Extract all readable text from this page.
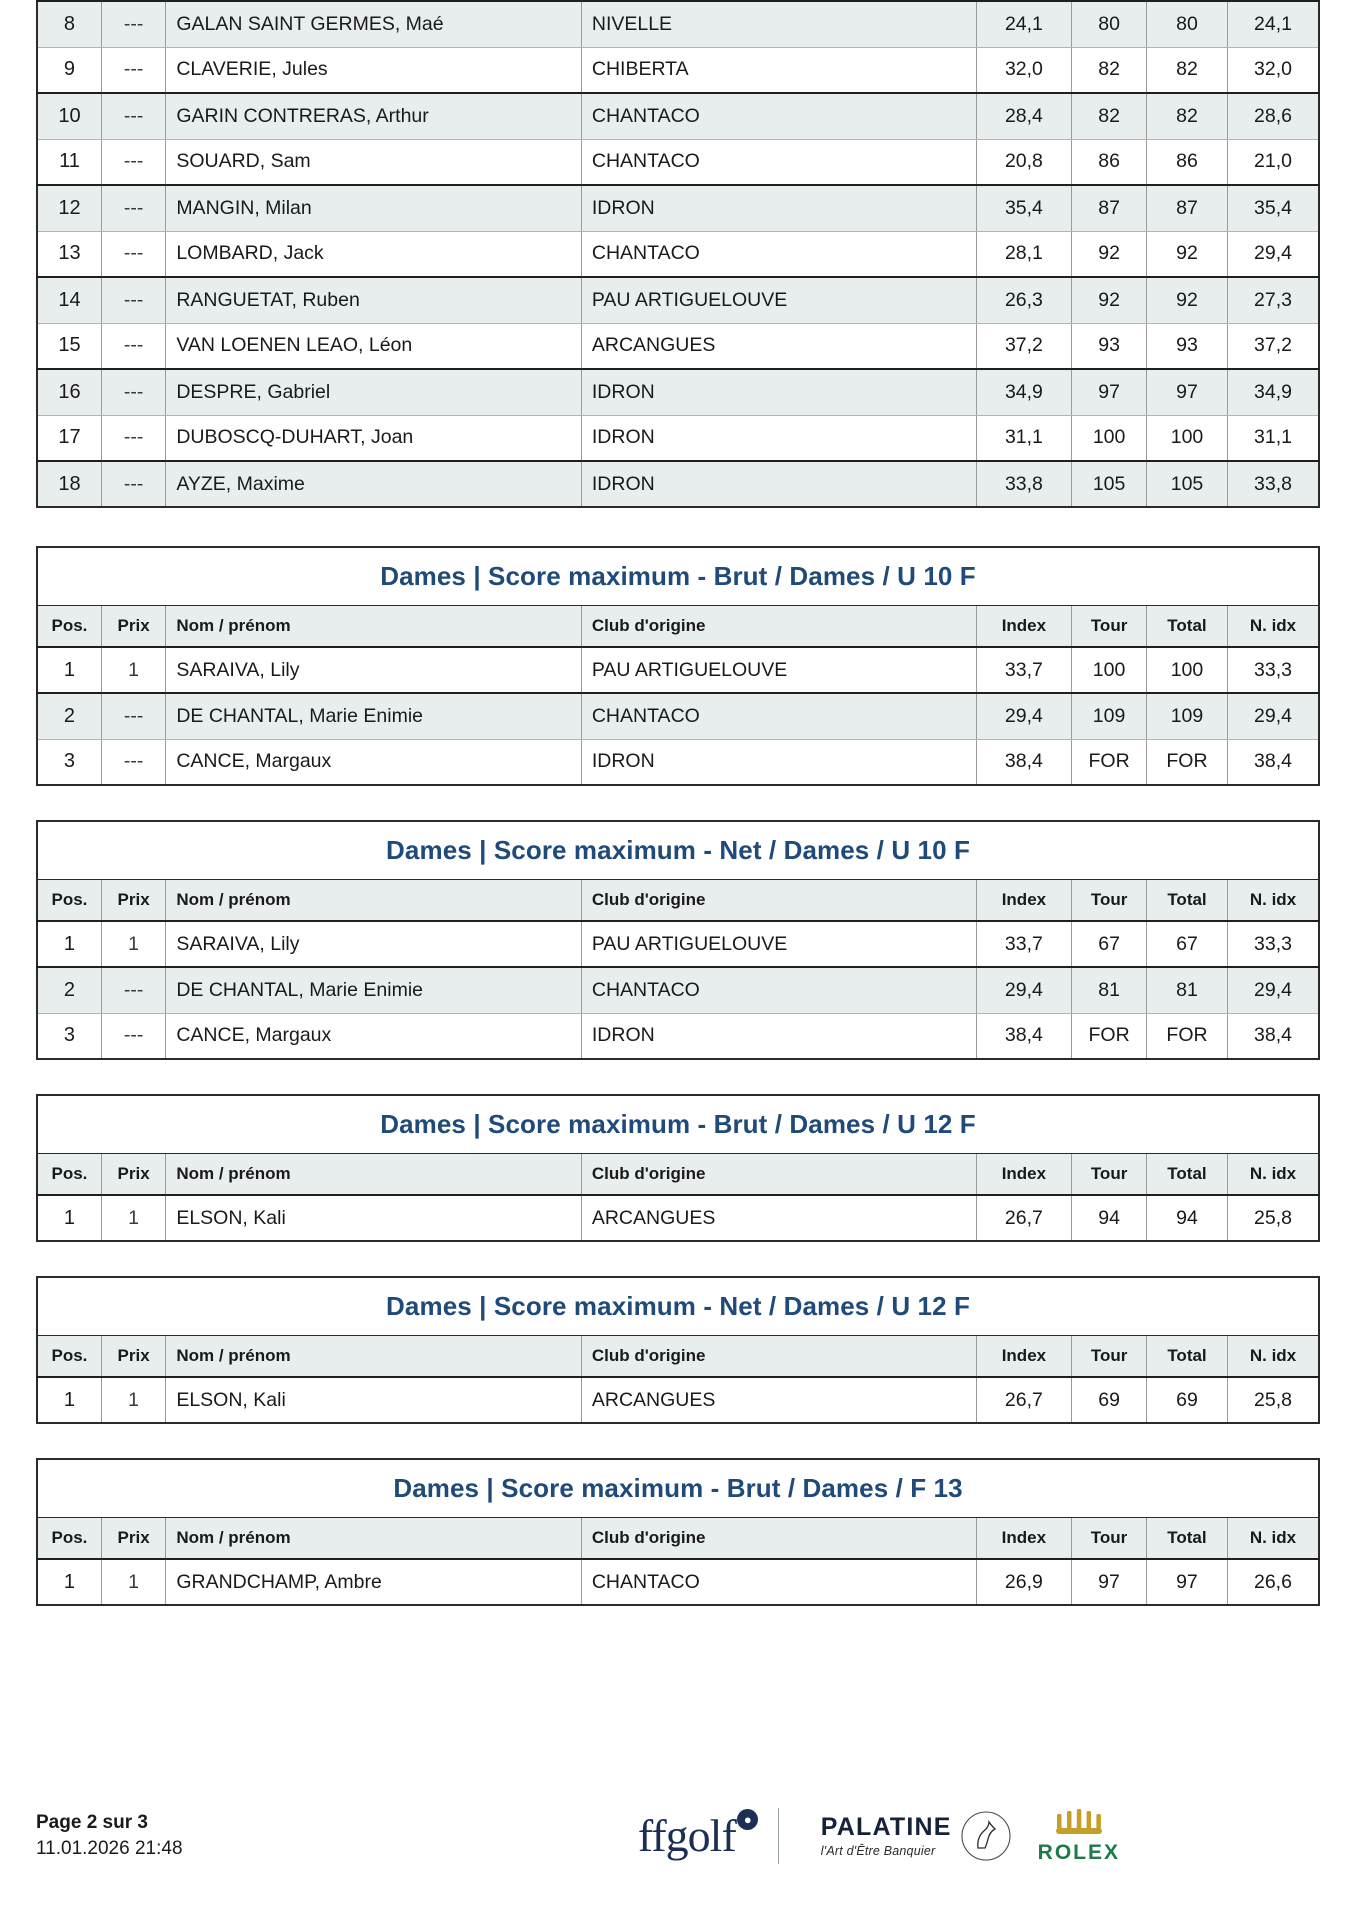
8	---	GALAN SAINT GERMES, Maé	NIVELLE	24,1	80	80	24,1
9	---	CLAVERIE, Jules	CHIBERTA	32,0	82	82	32,0
10	---	GARIN CONTRERAS, Arthur	CHANTACO	28,4	82	82	28,6
11	---	SOUARD, Sam	CHANTACO	20,8	86	86	21,0
12	---	MANGIN, Milan	IDRON	35,4	87	87	35,4
13	---	LOMBARD, Jack	CHANTACO	28,1	92	92	29,4
14	---	RANGUETAT, Ruben	PAU ARTIGUELOUVE	26,3	92	92	27,3
15	---	VAN LOENEN LEAO, Léon	ARCANGUES	37,2	93	93	37,2
16	---	DESPRE, Gabriel	IDRON	34,9	97	97	34,9
17	---	DUBOSCQ-DUHART, Joan	IDRON	31,1	100	100	31,1
18	---	AYZE, Maxime	IDRON	33,8	105	105	33,8
Dames | Score maximum - Brut / Dames / U 10 F							
Pos.	Prix	Nom / prénom	Club d'origine	Index	Tour	Total	N. idx
1	1	SARAIVA, Lily	PAU ARTIGUELOUVE	33,7	100	100	33,3
2	---	DE CHANTAL, Marie Enimie	CHANTACO	29,4	109	109	29,4
3	---	CANCE, Margaux	IDRON	38,4	FOR	FOR	38,4
Dames | Score maximum - Net / Dames / U 10 F							
Pos.	Prix	Nom / prénom	Club d'origine	Index	Tour	Total	N. idx
1	1	SARAIVA, Lily	PAU ARTIGUELOUVE	33,7	67	67	33,3
2	---	DE CHANTAL, Marie Enimie	CHANTACO	29,4	81	81	29,4
3	---	CANCE, Margaux	IDRON	38,4	FOR	FOR	38,4
Dames | Score maximum - Brut / Dames / U 12 F							
Pos.	Prix	Nom / prénom	Club d'origine	Index	Tour	Total	N. idx
1	1	ELSON, Kali	ARCANGUES	26,7	94	94	25,8
Dames | Score maximum - Net / Dames / U 12 F							
Pos.	Prix	Nom / prénom	Club d'origine	Index	Tour	Total	N. idx
1	1	ELSON, Kali	ARCANGUES	26,7	69	69	25,8
Dames | Score maximum - Brut / Dames / F 13							
Pos.	Prix	Nom / prénom	Club d'origine	Index	Tour	Total	N. idx
1	1	GRANDCHAMP, Ambre	CHANTACO	26,9	97	97	26,6
Page 2 sur 3
11.01.2026 21:48	ffgolf ●	PALATINE
l'Art d'Être Banquier	ROLEX
